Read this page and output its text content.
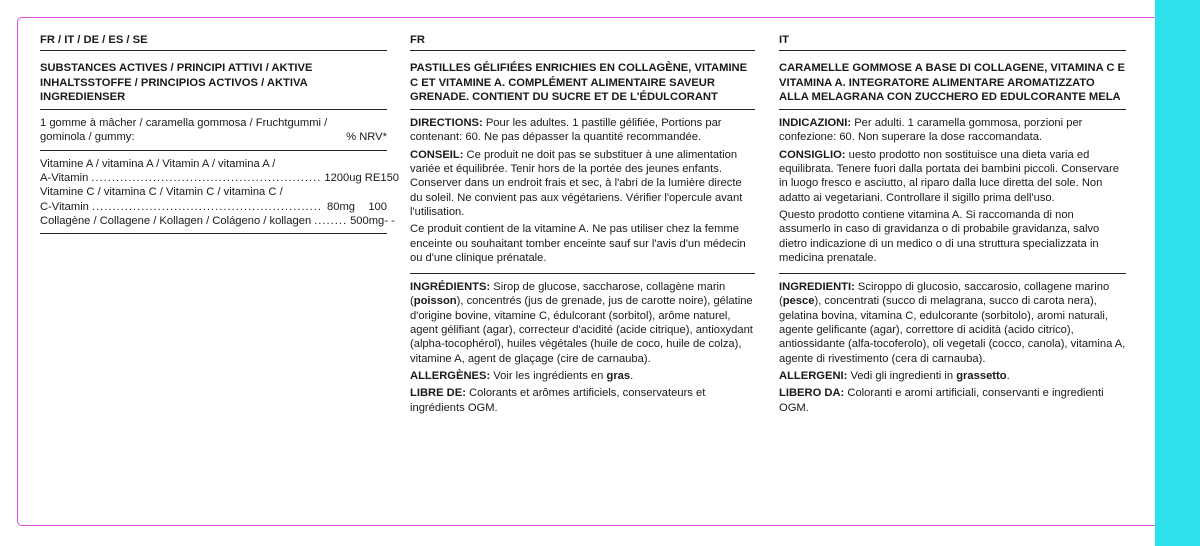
FR / IT / DE / ES / SE
SUBSTANCES ACTIVES / PRINCIPI ATTIVI / AKTIVE INHALTSSTOFFE / PRINCIPIOS ACTIVOS / AKTIVA INGREDIENSER
1 gomme à mâcher / caramella gommosa / Fruchtgummi /
gominola / gummy:	% NRV*

Vitamine A / vitamina A / Vitamin A / vitamina A /

A-Vitamin ........................................................ 1200ug RE 150

Vitamine C / vitamina C / Vitamin C / vitamina C /

C-Vitamin ........................................................ 80mg	100
Collagène / Collagene / Kollagen / Colágeno / kollagen ........ 500mg - -
FR
PASTILLES GÉLIFIÉES ENRICHIES EN COLLAGÈNE, VITAMINE C ET VITAMINE A. COMPLÉMENT ALIMENTAIRE SAVEUR GRENADE. CONTIENT DU SUCRE ET DE L'ÉDULCORANT

DIRECTIONS: Pour les adultes. 1 pastille gélifiée, Portions par contenant: 60. Ne pas dépasser la quantité recommandée.

CONSEIL: Ce produit ne doit pas se substituer à une alimentation variée et équilibrée. Tenir hors de la portée des jeunes enfants. Conserver dans un endroit frais et sec, à l'abri de la lumière directe du soleil. Ne convient pas aux végétariens. Vérifier l'opercule avant l'utilisation.

Ce produit contient de la vitamine A. Ne pas utiliser chez la femme enceinte ou souhaitant tomber enceinte sauf sur l'avis d'un médecin ou d'une clinique prénatale.

INGRÉDIENTS: Sirop de glucose, saccharose, collagène marin (poisson), concentrés (jus de grenade, jus de carotte noire), gélatine d'origine bovine, vitamine C, édulcorant (sorbitol), arôme naturel, agent gélifiant (agar), correcteur d'acidité (acide citrique), antioxydant (alpha-tocophérol), huiles végétales (huile de coco, huile de colza), vitamine A, agent de glaçage (cire de carnauba).

ALLERGÈNES: Voir les ingrédients en gras.

LIBRE DE: Colorants et arômes artificiels, conservateurs et ingrédients OGM.

IT
CARAMELLE GOMMOSE A BASE DI COLLAGENE, VITAMINA C E VITAMINA A. INTEGRATORE ALIMENTARE AROMATIZZATO ALLA MELAGRANA CON ZUCCHERO ED EDULCORANTE MELA

INDICAZIONI: Per adulti. 1 caramella gommosa, porzioni per confezione: 60. Non superare la dose raccomandata.

CONSIGLIO: uesto prodotto non sostituisce una dieta varia ed equilibrata. Tenere fuori dalla portata dei bambini piccoli. Conservare in luogo fresco e asciutto, al riparo dalla luce diretta del sole. Non adatto ai vegetariani. Controllare il sigillo prima dell'uso.

Questo prodotto contiene vitamina A. Si raccomanda di non assumerlo in caso di gravidanza o di probabile gravidanza, salvo dietro indicazione di un medico o di una struttura specializzata in medicina prenatale.

INGREDIENTI: Sciroppo di glucosio, saccarosio, collagene marino (pesce), concentrati (succo di melagrana, succo di carota nera), gelatina bovina, vitamina C, edulcorante (sorbitolo), aromi naturali, agente gelificante (agar), correttore di acidità (acido citrico), antiossidante (alfa-tocoferolo), oli vegetali (cocco, canola), vitamina A, agente di rivestimento (cera di carnauba).

ALLERGENI: Vedi gli ingredienti in grassetto.

LIBERO DA: Coloranti e aromi artificiali, conservanti e ingredienti OGM.
